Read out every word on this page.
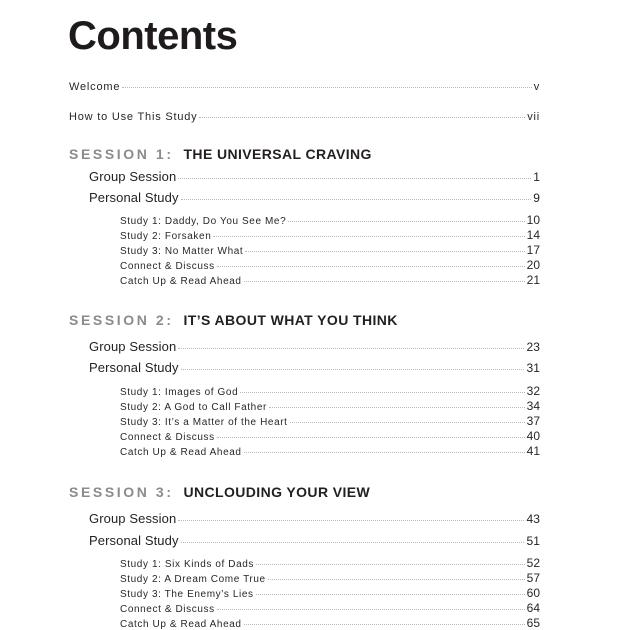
Contents
Welcome	v
How to Use This Study	vii
SESSION 1: THE UNIVERSAL CRAVING
Group Session	1
Personal Study	9
Study 1: Daddy, Do You See Me?	10
Study 2: Forsaken	14
Study 3: No Matter What	17
Connect & Discuss	20
Catch Up & Read Ahead	21
SESSION 2: IT’S ABOUT WHAT YOU THINK
Group Session	23
Personal Study	31
Study 1: Images of God	32
Study 2: A God to Call Father	34
Study 3: It’s a Matter of the Heart	37
Connect & Discuss	40
Catch Up & Read Ahead	41
SESSION 3: UNCLOUDING YOUR VIEW
Group Session	43
Personal Study	51
Study 1: Six Kinds of Dads	52
Study 2: A Dream Come True	57
Study 3: The Enemy’s Lies	60
Connect & Discuss	64
Catch Up & Read Ahead	65
